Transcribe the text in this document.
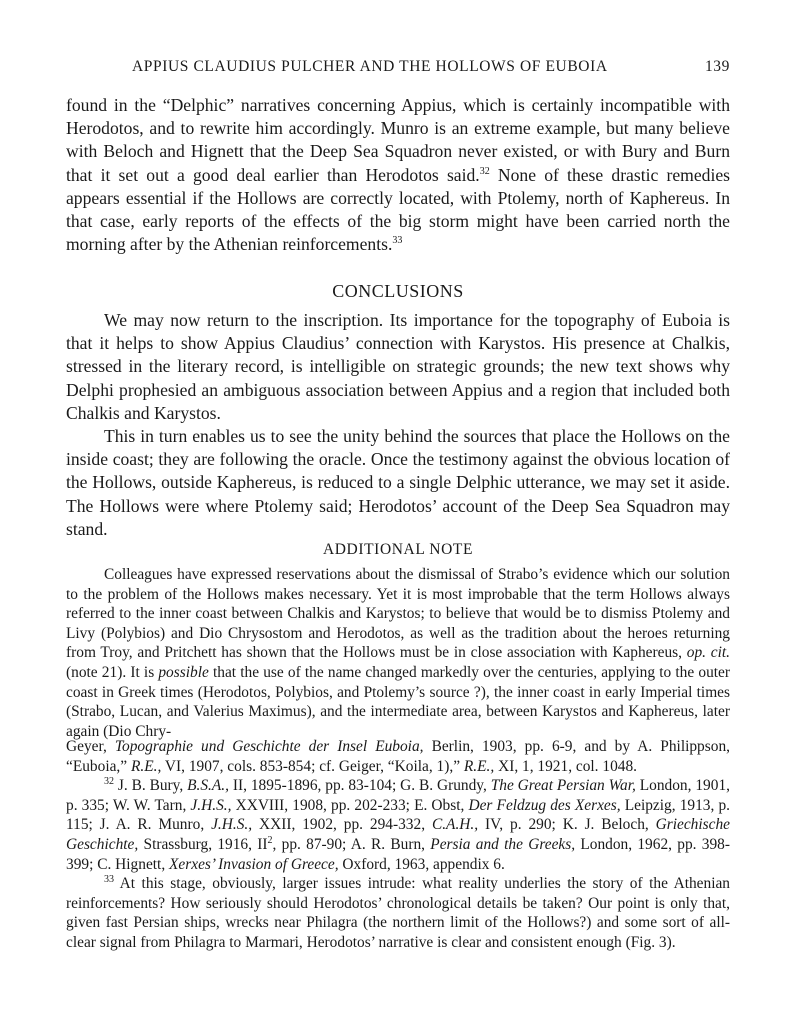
APPIUS CLAUDIUS PULCHER AND THE HOLLOWS OF EUBOIA	139

found in the “Delphic” narratives concerning Appius, which is certainly incompatible with Herodotos, and to rewrite him accordingly. Munro is an extreme example, but many believe with Beloch and Hignett that the Deep Sea Squadron never existed, or with Bury and Burn that it set out a good deal earlier than Herodotos said.$^{32}$ None of these drastic remedies appears essential if the Hollows are correctly located, with Ptolemy, north of Kaphereus. In that case, early reports of the effects of the big storm might have been carried north the morning after by the Athenian reinforcements.$^{33}$

CONCLUSIONS

We may now return to the inscription. Its importance for the topography of Euboia is that it helps to show Appius Claudius’ connection with Karystos. His presence at Chalkis, stressed in the literary record, is intelligible on strategic grounds; the new text shows why Delphi prophesied an ambiguous association between Appius and a region that included both Chalkis and Karystos.

This in turn enables us to see the unity behind the sources that place the Hollows on the inside coast; they are following the oracle. Once the testimony against the obvious location of the Hollows, outside Kaphereus, is reduced to a single Delphic utterance, we may set it aside. The Hollows were where Ptolemy said; Herodotos’ account of the Deep Sea Squadron may stand.

ADDITIONAL NOTE

Colleagues have expressed reservations about the dismissal of Strabo’s evidence which our solution to the problem of the Hollows makes necessary. Yet it is most improbable that the term Hollows always referred to the inner coast between Chalkis and Karystos; to believe that would be to dismiss Ptolemy and Livy (Polybios) and Dio Chrysostom and Herodotos, as well as the tradition about the heroes returning from Troy, and Pritchett has shown that the Hollows must be in close association with Kaphereus, op. cit. (note 21). It is possible that the use of the name changed markedly over the centuries, applying to the outer coast in Greek times (Herodotos, Polybios, and Ptolemy’s source ?), the inner coast in early Imperial times (Strabo, Lucan, and Valerius Maximus), and the intermediate area, between Karystos and Kaphereus, later again (Dio Chry-

Geyer, Topographie und Geschichte der Insel Euboia, Berlin, 1903, pp. 6-9, and by A. Philippson, “Euboia,” R.E., VI, 1907, cols. 853-854; cf. Geiger, “Koila, 1),” R.E., XI, 1, 1921, col. 1048.

$^{32}$ J. B. Bury, B.S.A., II, 1895-1896, pp. 83-104; G. B. Grundy, The Great Persian War, London, 1901, p. 335; W. W. Tarn, J.H.S., XXVIII, 1908, pp. 202-233; E. Obst, Der Feldzug des Xerxes, Leipzig, 1913, p. 115; J. A. R. Munro, J.H.S., XXII, 1902, pp. 294-332, C.A.H., IV, p. 290; K. J. Beloch, Griechische Geschichte, Strassburg, 1916, $II^2$, pp. 87-90; A. R. Burn, Persia and the Greeks, London, 1962, pp. 398-399; C. Hignett, Xerxes’ Invasion of Greece, Oxford, 1963, appendix 6.

$^{33}$ At this stage, obviously, larger issues intrude: what reality underlies the story of the Athenian reinforcements? How seriously should Herodotos’ chronological details be taken? Our point is only that, given fast Persian ships, wrecks near Philagra (the northern limit of the Hollows?) and some sort of all-clear signal from Philagra to Marmari, Herodotos’ narrative is clear and consistent enough (Fig. 3).
